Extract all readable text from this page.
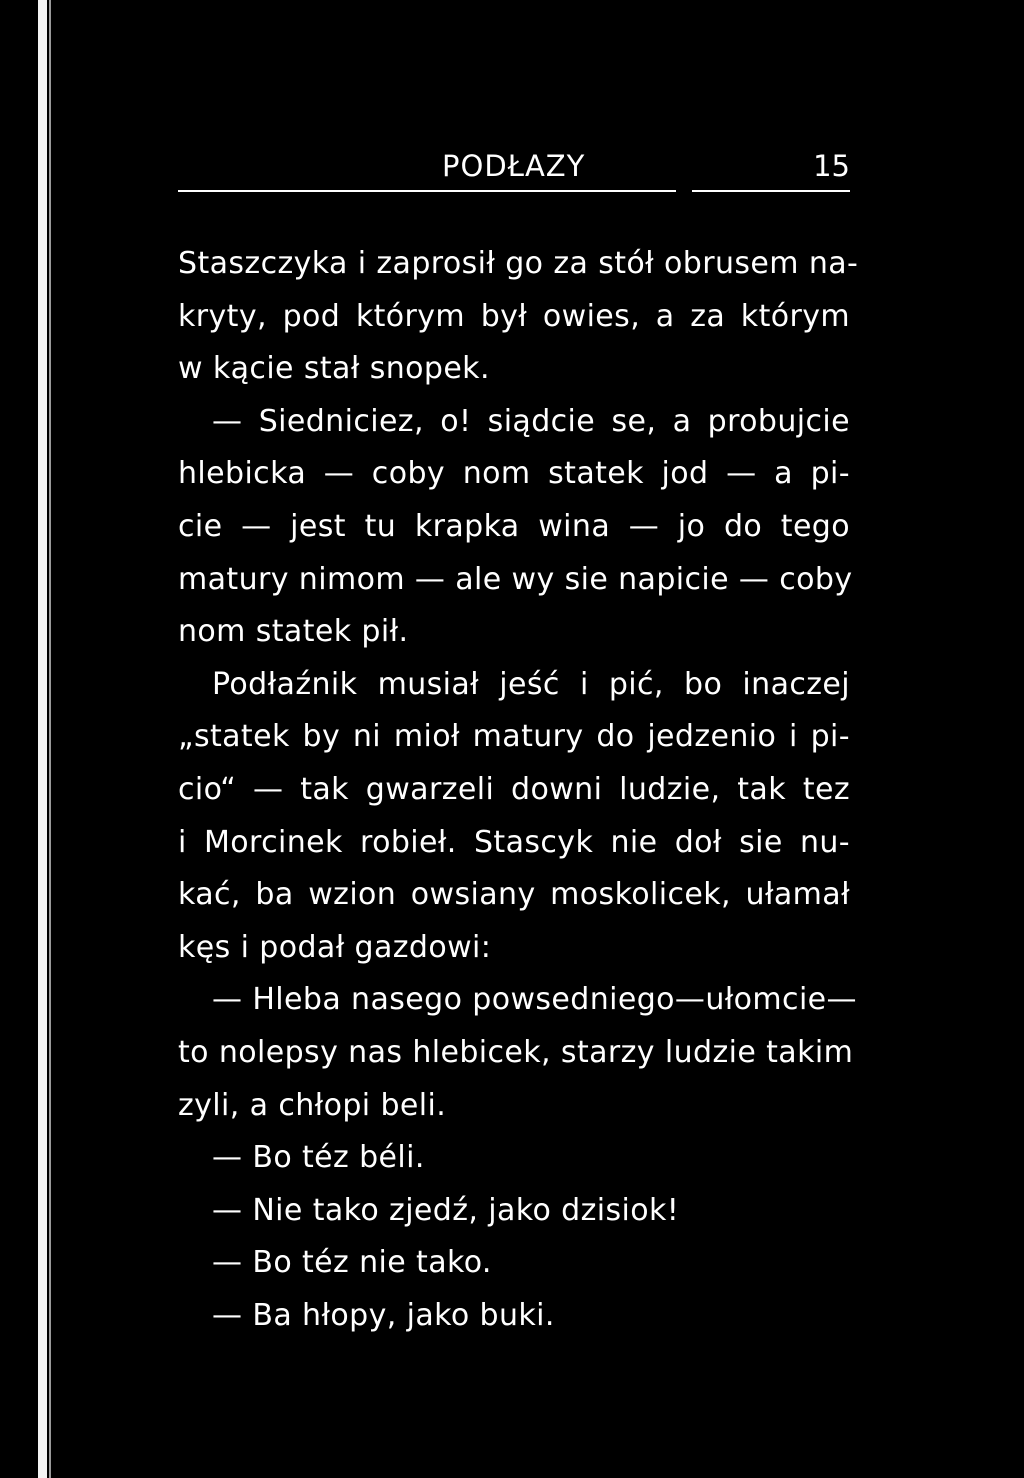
PODŁAZY	15
Staszczyka i zaprosił go za stół obrusem na-
kryty, pod którym był owies, a za którym
w kącie stał snopek.
— Siedniciez, o! siądcie se, a probujcie
hlebicka — coby nom statek jod — a pi-
cie — jest tu krapka wina — jo do tego
matury nimom — ale wy sie napicie — coby
nom statek pił.
Podłaźnik musiał jeść i pić, bo inaczej
„statek by ni mioł matury do jedzenio i pi-
cio“ — tak gwarzeli downi ludzie, tak tez
i Morcinek robieł. Stascyk nie doł sie nu-
kać, ba wzion owsiany moskolicek, ułamał
kęs i podał gazdowi:
— Hleba nasego powsedniego—ułomcie—
to nolepsy nas hlebicek, starzy ludzie takim
zyli, a chłopi beli.
— Bo téz béli.
— Nie tako zjedź, jako dzisiok!
— Bo téz nie tako.
— Ba hłopy, jako buki.
